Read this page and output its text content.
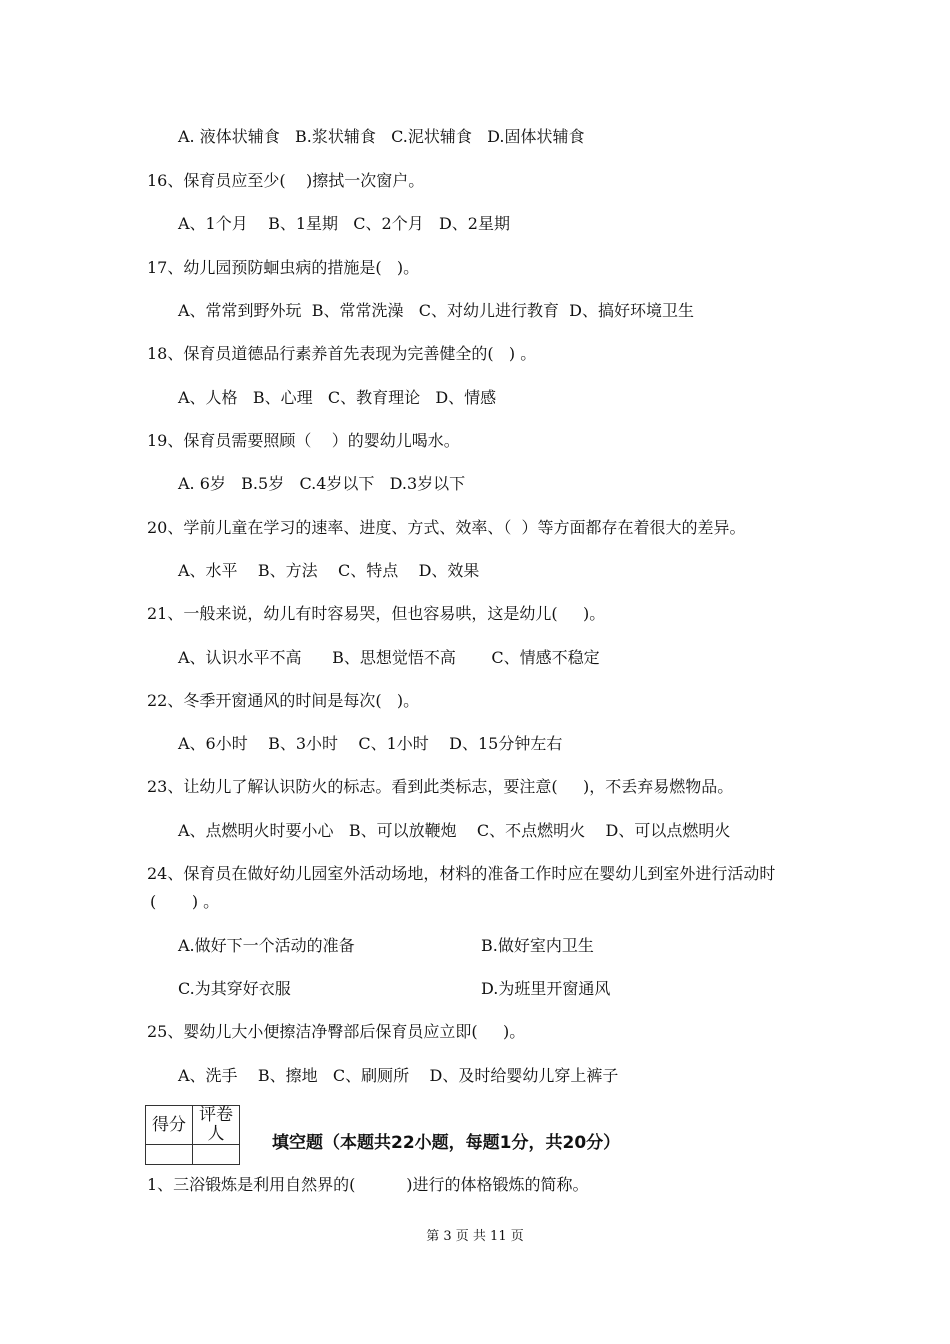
A. 液体状辅食   B.浆状辅食   C.泥状辅食   D.固体状辅食
16、保育员应至少(    )擦拭一次窗户。
A、1个月    B、1星期   C、2个月   D、2星期
17、幼儿园预防蛔虫病的措施是(   )。
A、常常到野外玩  B、常常洗澡   C、对幼儿进行教育  D、搞好环境卫生
18、保育员道德品行素养首先表现为完善健全的(   ) 。
A、人格   B、心理   C、教育理论   D、情感
19、保育员需要照顾（    ）的婴幼儿喝水。
A. 6岁   B.5岁   C.4岁以下   D.3岁以下
20、学前儿童在学习的速率、进度、方式、效率、（  ）等方面都存在着很大的差异。
A、水平    B、方法    C、特点    D、效果
21、一般来说，幼儿有时容易哭，但也容易哄，这是幼儿(     )。
A、认识水平不高      B、思想觉悟不高       C、情感不稳定
22、冬季开窗通风的时间是每次(   )。
A、6小时    B、3小时    C、1小时    D、15分钟左右
23、让幼儿了解认识防火的标志。看到此类标志，要注意(     )，不丢弃易燃物品。
A、点燃明火时要小心   B、可以放鞭炮    C、不点燃明火    D、可以点燃明火
24、保育员在做好幼儿园室外活动场地，材料的准备工作时应在婴幼儿到室外进行活动时
(       ) 。
A.做好下一个活动的准备	B.做好室内卫生
C.为其穿好衣服	D.为班里开窗通风
25、婴幼儿大小便擦洁净臀部后保育员应立即(     )。
A、洗手    B、擦地   C、刷厕所    D、及时给婴幼儿穿上裤子
得分	评卷人
		填空题（本题共22小题，每题1分，共20分）
1、三浴锻炼是利用自然界的(          )进行的体格锻炼的简称。
第 3 页 共 11 页
